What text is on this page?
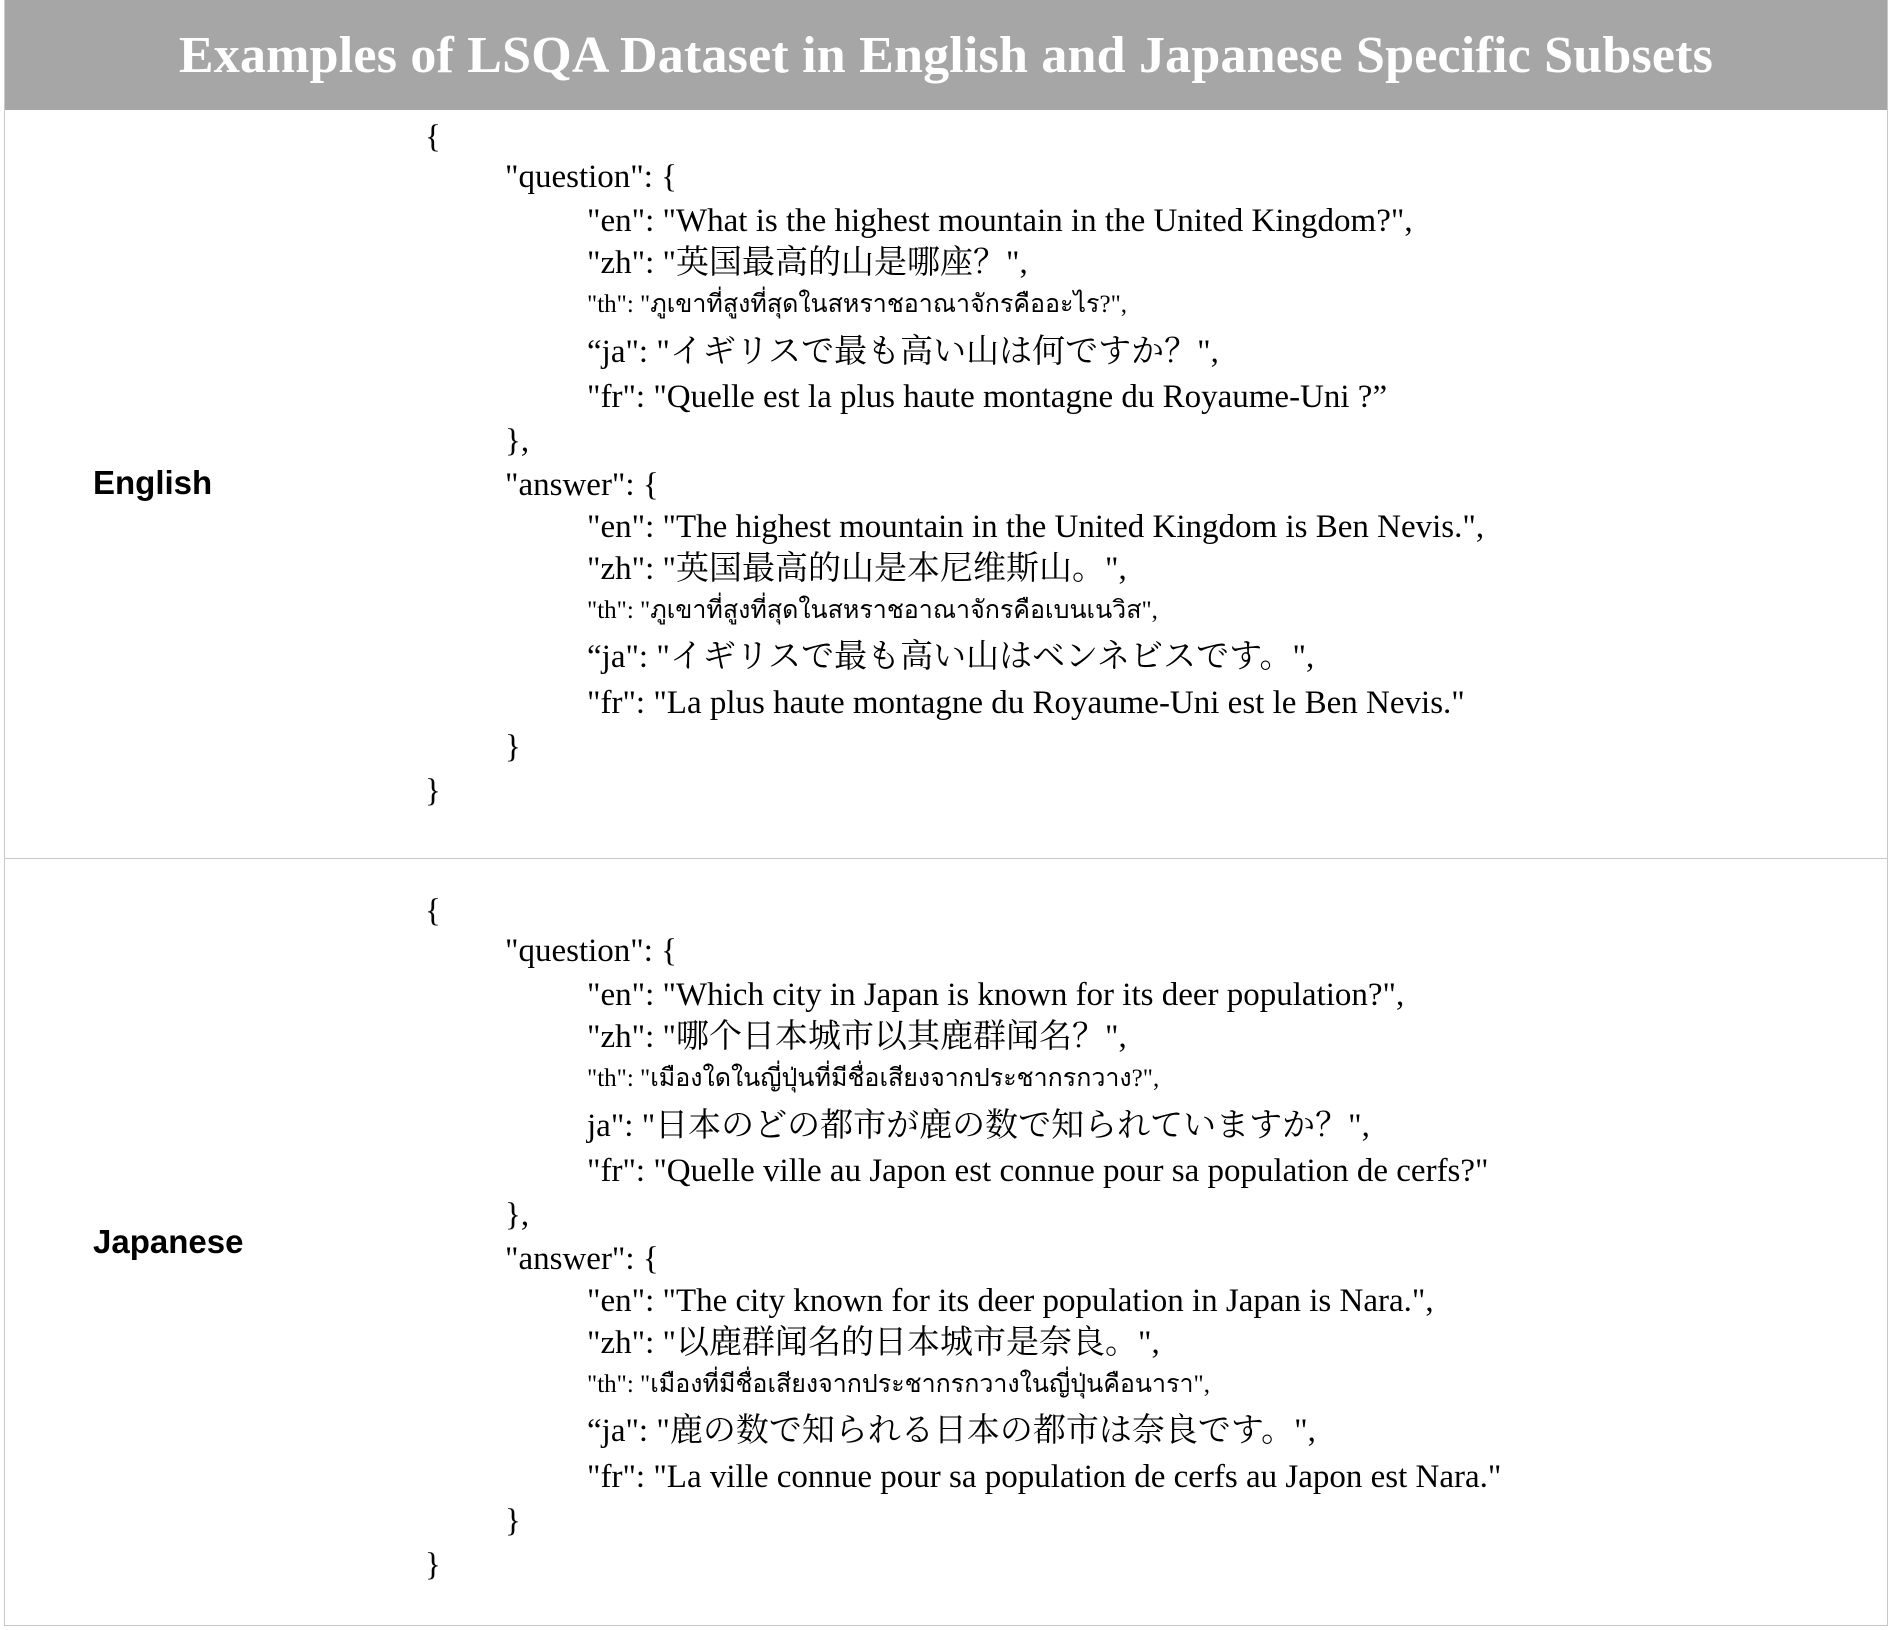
Examples of LSQA Dataset in English and Japanese Specific Subsets
English

{

"question": {

"en": "What is the highest mountain in the United Kingdom?",

"zh": "英国最高的山是哪座？",

"th": "ภูเขาที่สูงที่สุดในสหราชอาณาจักรคืออะไร?",

“ja": "イギリスで最も高い山は何ですか？",

"fr": "Quelle est la plus haute montagne du Royaume-Uni ?”

},

"answer": {

"en": "The highest mountain in the United Kingdom is Ben Nevis.",

"zh": "英国最高的山是本尼维斯山。",

"th": "ภูเขาที่สูงที่สุดในสหราชอาณาจักรคือเบนเนวิส",

“ja": "イギリスで最も高い山はベンネビスです。",

"fr": "La plus haute montagne du Royaume-Uni est le Ben Nevis."

}

}

Japanese

{

"question": {

"en": "Which city in Japan is known for its deer population?",

"zh": "哪个日本城市以其鹿群闻名？",

"th": "เมืองใดในญี่ปุ่นที่มีชื่อเสียงจากประชากรกวาง?",

ja": "日本のどの都市が鹿の数で知られていますか？",

"fr": "Quelle ville au Japon est connue pour sa population de cerfs?"

},

"answer": {

"en": "The city known for its deer population in Japan is Nara.",

"zh": "以鹿群闻名的日本城市是奈良。",

"th": "เมืองที่มีชื่อเสียงจากประชากรกวางในญี่ปุ่นคือนารา",

“ja": "鹿の数で知られる日本の都市は奈良です。",

"fr": "La ville connue pour sa population de cerfs au Japon est Nara."

}

}
